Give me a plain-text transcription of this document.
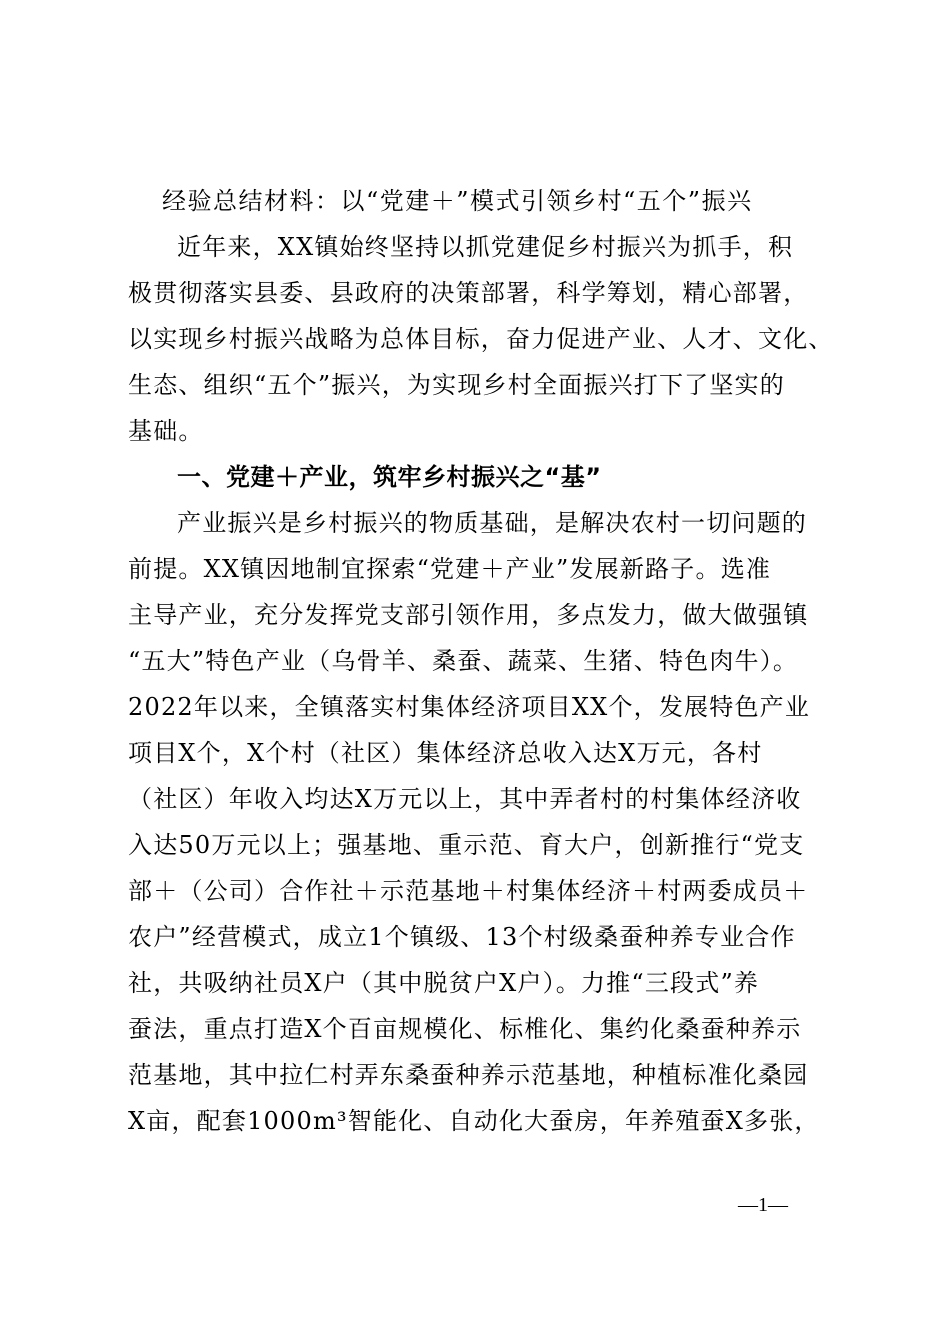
经验总结材料：以“党建＋”模式引领乡村“五个”振兴
近年来，XX镇始终坚持以抓党建促乡村振兴为抓手，积
极贯彻落实县委、县政府的决策部署，科学筹划，精心部署，
以实现乡村振兴战略为总体目标，奋力促进产业、人才、文化、
生态、组织“五个”振兴，为实现乡村全面振兴打下了坚实的
基础。
一、党建＋产业，筑牢乡村振兴之“基”
产业振兴是乡村振兴的物质基础，是解决农村一切问题的
前提。XX镇因地制宜探索“党建＋产业”发展新路子。选准
主导产业，充分发挥党支部引领作用，多点发力，做大做强镇
“五大”特色产业（乌骨羊、桑蚕、蔬菜、生猪、特色肉牛）。
2022年以来，全镇落实村集体经济项目XX个，发展特色产业
项目X个，X个村（社区）集体经济总收入达X万元，各村
（社区）年收入均达X万元以上，其中弄者村的村集体经济收
入达50万元以上；强基地、重示范、育大户，创新推行“党支
部＋（公司）合作社＋示范基地＋村集体经济＋村两委成员＋
农户”经营模式，成立1个镇级、13个村级桑蚕种养专业合作
社，共吸纳社员X户（其中脱贫户X户）。力推“三段式”养
蚕法，重点打造X个百亩规模化、标椎化、集约化桑蚕种养示
范基地，其中拉仁村弄东桑蚕种养示范基地，种植标准化桑园
X亩，配套1000m³智能化、自动化大蚕房，年养殖蚕X多张，
—1—
